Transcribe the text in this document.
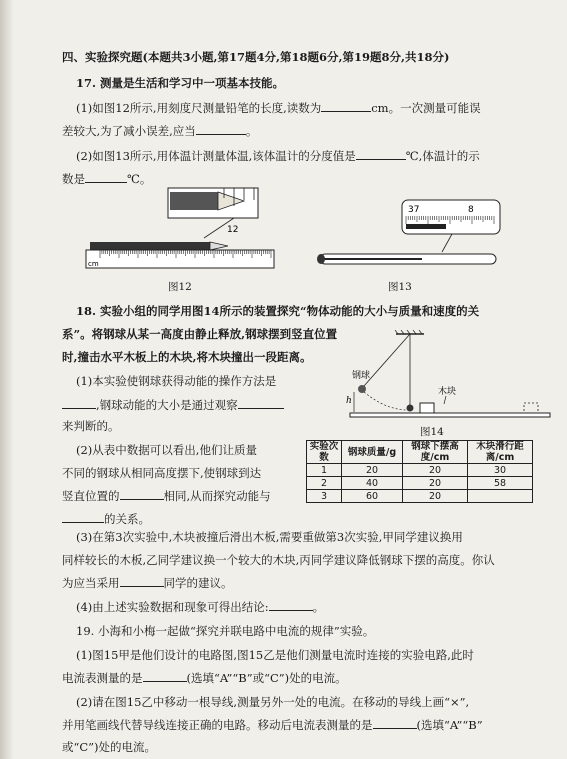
四、实验探究题(本题共3小题,第17题4分,第18题6分,第19题8分,共18分)
17. 测量是生活和学习中一项基本技能。
(1)如图12所示,用刻度尺测量铅笔的长度,读数为	cm。一次测量可能误
差较大,为了减小误差,应当	。
(2)如图13所示,用体温计测量体温,该体温计的分度值是	℃,体温计的示
数是	℃。
12
cm
图12
37	8
图13
18. 实验小组的同学用图14所示的装置探究“物体动能的大小与质量和速度的关
系”。将钢球从某一高度由静止释放,钢球摆到竖直位置
时,撞击水平木板上的木块,将木块撞出一段距离。
(1)本实验使钢球获得动能的操作方法是
,钢球动能的大小是通过观察
来判断的。
钢球
木块
h
图14
(2)从表中数据可以看出,他们让质量
不同的钢球从相同高度摆下,使钢球到达
竖直位置的	相同,从而探究动能与
的关系。
实验次数	钢球质量/g	钢球下摆高度/cm	木块滑行距离/cm
1	20	20	30
2	40	20	58
3	60	20	
(3)在第3次实验中,木块被撞后滑出木板,需要重做第3次实验,甲同学建议换用
同样较长的木板,乙同学建议换一个较大的木块,丙同学建议降低钢球下摆的高度。你认
为应当采用	同学的建议。
(4)由上述实验数据和现象可得出结论:	。
19. 小海和小梅一起做“探究并联电路中电流的规律”实验。
(1)图15甲是他们设计的电路图,图15乙是他们测量电流时连接的实验电路,此时
电流表测量的是	(选填“A”“B”或“C”)处的电流。
(2)请在图15乙中移动一根导线,测量另外一处的电流。在移动的导线上画“×”,
并用笔画线代替导线连接正确的电路。移动后电流表测量的是	(选填“A”“B”
或“C”)处的电流。
